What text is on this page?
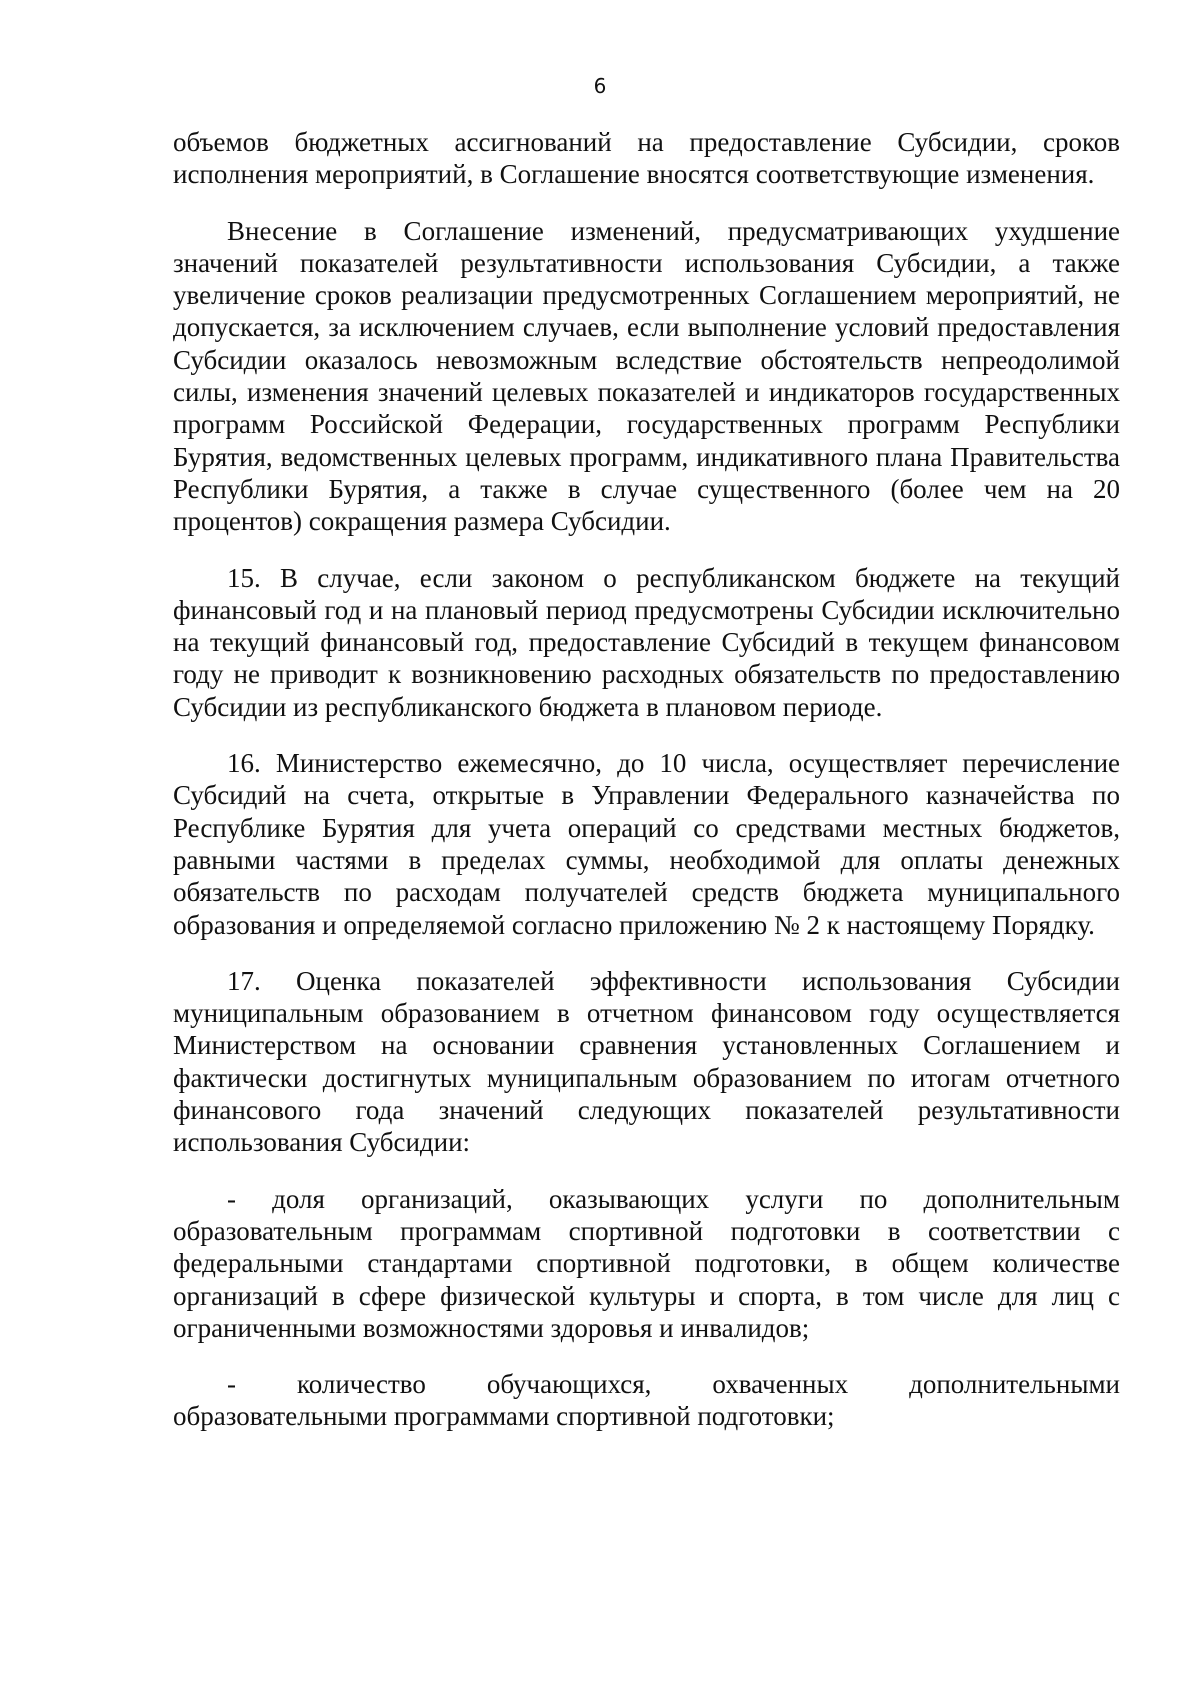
6

объемов бюджетных ассигнований на предоставление Субсидии, сроков исполнения мероприятий, в Соглашение вносятся соответствующие изменения.

Внесение в Соглашение изменений, предусматривающих ухудшение значений показателей результативности использования Субсидии, а также увеличение сроков реализации предусмотренных Соглашением мероприятий, не допускается, за исключением случаев, если выполнение условий предоставления Субсидии оказалось невозможным вследствие обстоятельств непреодолимой силы, изменения значений целевых показателей и индикаторов государственных программ Российской Федерации, государственных программ Республики Бурятия, ведомственных целевых программ, индикативного плана Правительства Республики Бурятия, а также в случае существенного (более чем на 20 процентов) сокращения размера Субсидии.

15. В случае, если законом о республиканском бюджете на текущий финансовый год и на плановый период предусмотрены Субсидии исключительно на текущий финансовый год, предоставление Субсидий в текущем финансовом году не приводит к возникновению расходных обязательств по предоставлению Субсидии из республиканского бюджета в плановом периоде.

16. Министерство ежемесячно, до 10 числа, осуществляет перечисление Субсидий на счета, открытые в Управлении Федерального казначейства по Республике Бурятия для учета операций со средствами местных бюджетов, равными частями в пределах суммы, необходимой для оплаты денежных обязательств по расходам получателей средств бюджета муниципального образования и определяемой согласно приложению № 2 к настоящему Порядку.

17. Оценка показателей эффективности использования Субсидии муниципальным образованием в отчетном финансовом году осуществляется Министерством на основании сравнения установленных Соглашением и фактически достигнутых муниципальным образованием по итогам отчетного финансового года значений следующих показателей результативности использования Субсидии:

- доля организаций, оказывающих услуги по дополнительным образовательным программам спортивной подготовки в соответствии с федеральными стандартами спортивной подготовки, в общем количестве организаций в сфере физической культуры и спорта, в том числе для лиц с ограниченными возможностями здоровья и инвалидов;

- количество обучающихся, охваченных дополнительными образовательными программами спортивной подготовки;
